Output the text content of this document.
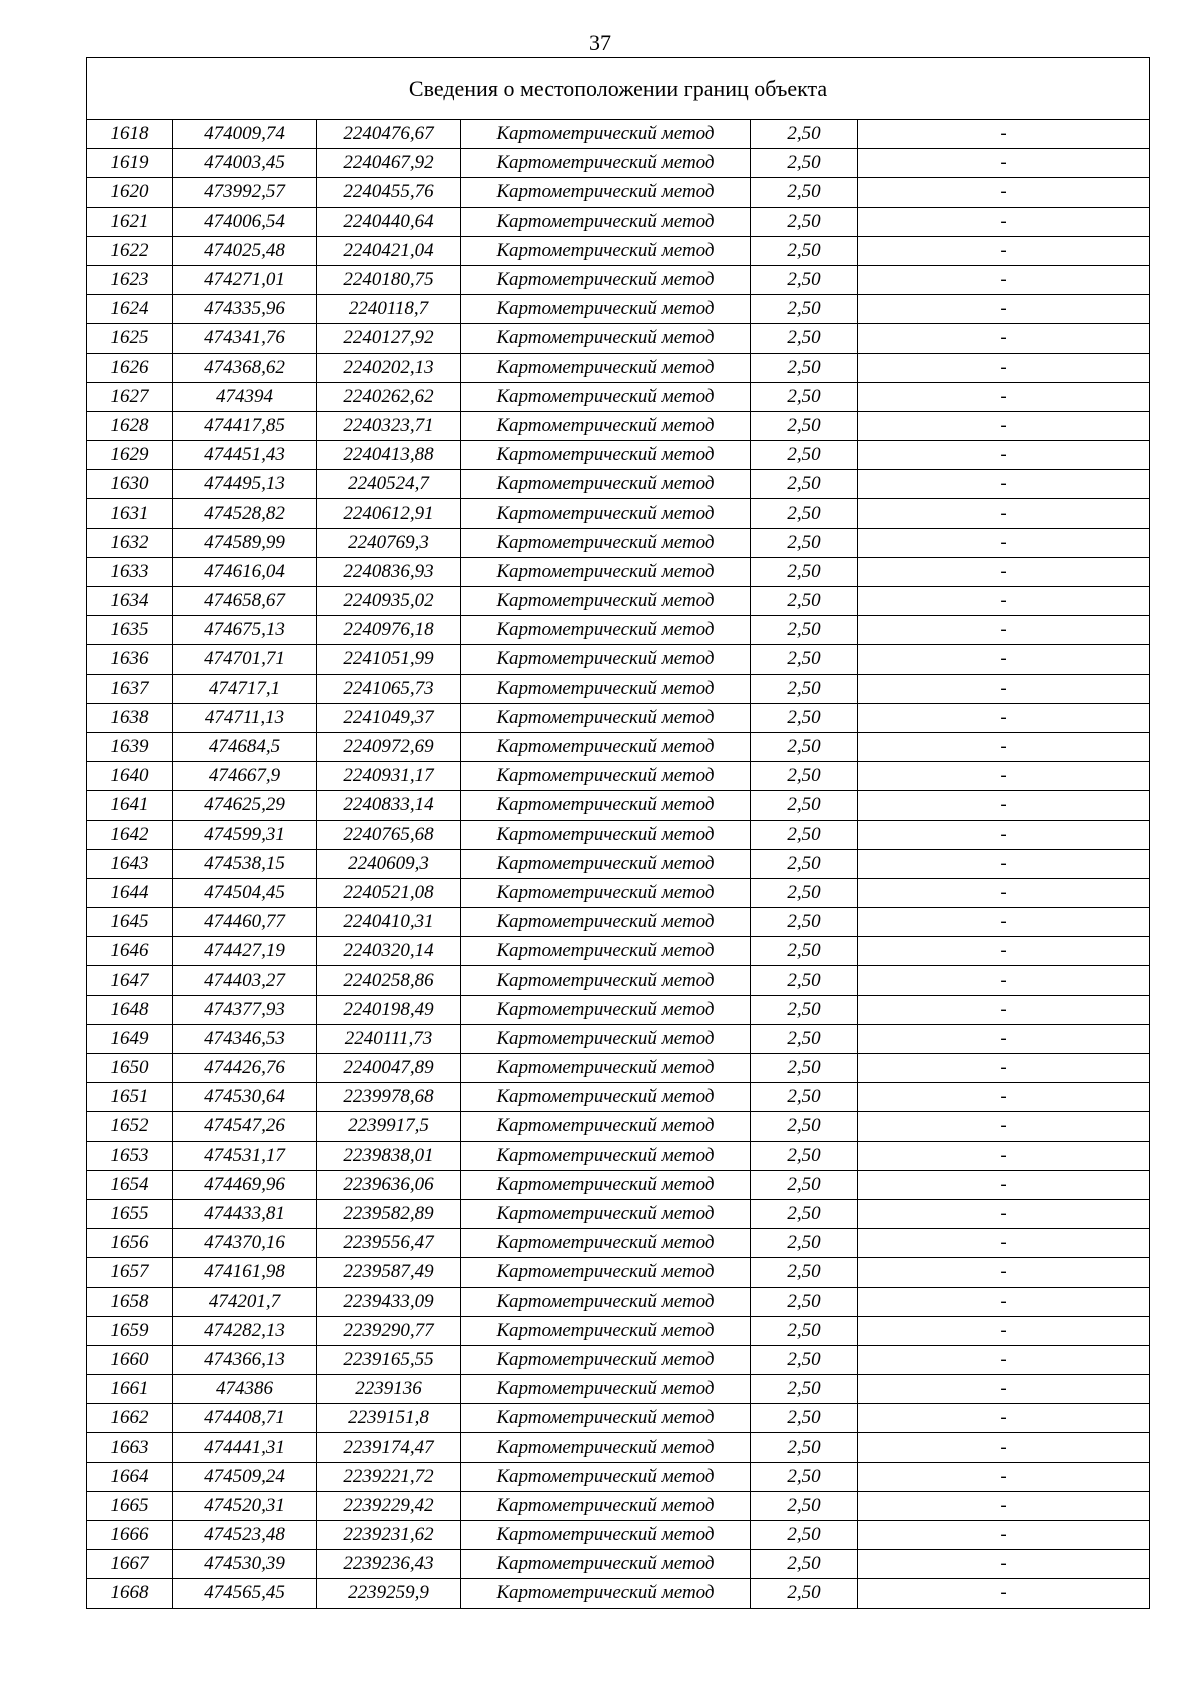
37
Сведения о местоположении границ объекта					
1618	474009,74	2240476,67	Картометрический метод	2,50	-
1619	474003,45	2240467,92	Картометрический метод	2,50	-
1620	473992,57	2240455,76	Картометрический метод	2,50	-
1621	474006,54	2240440,64	Картометрический метод	2,50	-
1622	474025,48	2240421,04	Картометрический метод	2,50	-
1623	474271,01	2240180,75	Картометрический метод	2,50	-
1624	474335,96	2240118,7	Картометрический метод	2,50	-
1625	474341,76	2240127,92	Картометрический метод	2,50	-
1626	474368,62	2240202,13	Картометрический метод	2,50	-
1627	474394	2240262,62	Картометрический метод	2,50	-
1628	474417,85	2240323,71	Картометрический метод	2,50	-
1629	474451,43	2240413,88	Картометрический метод	2,50	-
1630	474495,13	2240524,7	Картометрический метод	2,50	-
1631	474528,82	2240612,91	Картометрический метод	2,50	-
1632	474589,99	2240769,3	Картометрический метод	2,50	-
1633	474616,04	2240836,93	Картометрический метод	2,50	-
1634	474658,67	2240935,02	Картометрический метод	2,50	-
1635	474675,13	2240976,18	Картометрический метод	2,50	-
1636	474701,71	2241051,99	Картометрический метод	2,50	-
1637	474717,1	2241065,73	Картометрический метод	2,50	-
1638	474711,13	2241049,37	Картометрический метод	2,50	-
1639	474684,5	2240972,69	Картометрический метод	2,50	-
1640	474667,9	2240931,17	Картометрический метод	2,50	-
1641	474625,29	2240833,14	Картометрический метод	2,50	-
1642	474599,31	2240765,68	Картометрический метод	2,50	-
1643	474538,15	2240609,3	Картометрический метод	2,50	-
1644	474504,45	2240521,08	Картометрический метод	2,50	-
1645	474460,77	2240410,31	Картометрический метод	2,50	-
1646	474427,19	2240320,14	Картометрический метод	2,50	-
1647	474403,27	2240258,86	Картометрический метод	2,50	-
1648	474377,93	2240198,49	Картометрический метод	2,50	-
1649	474346,53	2240111,73	Картометрический метод	2,50	-
1650	474426,76	2240047,89	Картометрический метод	2,50	-
1651	474530,64	2239978,68	Картометрический метод	2,50	-
1652	474547,26	2239917,5	Картометрический метод	2,50	-
1653	474531,17	2239838,01	Картометрический метод	2,50	-
1654	474469,96	2239636,06	Картометрический метод	2,50	-
1655	474433,81	2239582,89	Картометрический метод	2,50	-
1656	474370,16	2239556,47	Картометрический метод	2,50	-
1657	474161,98	2239587,49	Картометрический метод	2,50	-
1658	474201,7	2239433,09	Картометрический метод	2,50	-
1659	474282,13	2239290,77	Картометрический метод	2,50	-
1660	474366,13	2239165,55	Картометрический метод	2,50	-
1661	474386	2239136	Картометрический метод	2,50	-
1662	474408,71	2239151,8	Картометрический метод	2,50	-
1663	474441,31	2239174,47	Картометрический метод	2,50	-
1664	474509,24	2239221,72	Картометрический метод	2,50	-
1665	474520,31	2239229,42	Картометрический метод	2,50	-
1666	474523,48	2239231,62	Картометрический метод	2,50	-
1667	474530,39	2239236,43	Картометрический метод	2,50	-
1668	474565,45	2239259,9	Картометрический метод	2,50	-
